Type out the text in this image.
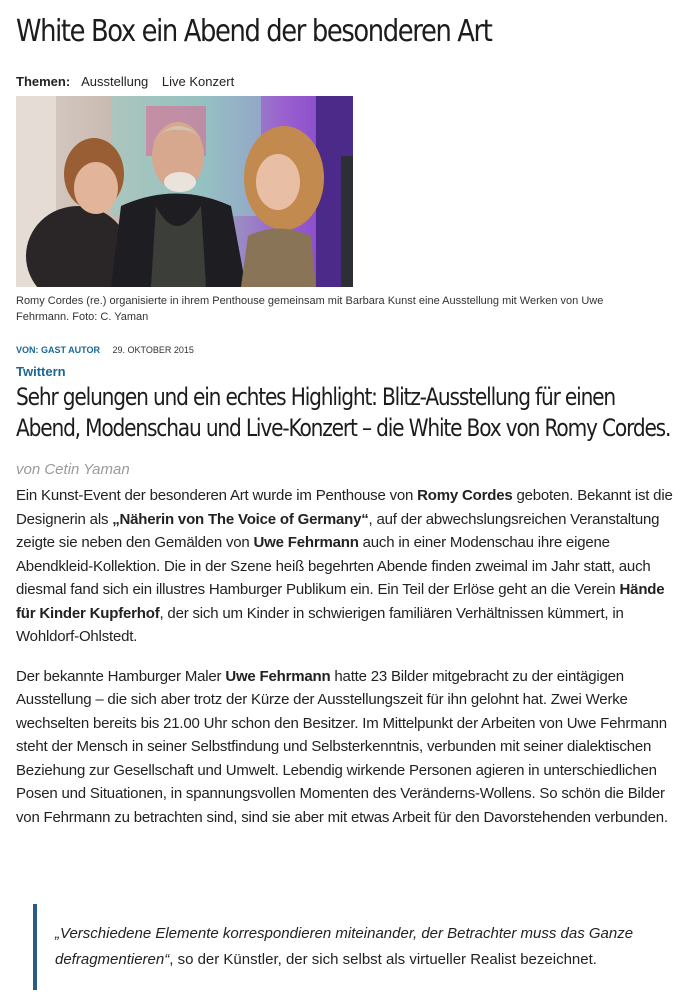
White Box ein Abend der besonderen Art
Themen: Ausstellung Live Konzert
Romy Cordes (re.) organisierte in ihrem Penthouse gemeinsam mit Barbara Kunst eine Ausstellung mit Werken von Uwe Fehrmann. Foto: C. Yaman
VON: GAST AUTOR 29. OKTOBER 2015
Twittern
Sehr gelungen und ein echtes Highlight: Blitz-Ausstellung für einen Abend, Modenschau und Live-Konzert – die White Box von Romy Cordes.
von Cetin Yaman

Ein Kunst-Event der besonderen Art wurde im Penthouse von Romy Cordes geboten. Bekannt ist die Designerin als „Näherin von The Voice of Germany“, auf der abwechslungsreichen Veranstaltung zeigte sie neben den Gemälden von Uwe Fehrmann auch in einer Modenschau ihre eigene Abendkleid-Kollektion. Die in der Szene heiß begehrten Abende finden zweimal im Jahr statt, auch diesmal fand sich ein illustres Hamburger Publikum ein. Ein Teil der Erlöse geht an die Verein Hände für Kinder Kupferhof, der sich um Kinder in schwierigen familiären Verhältnissen kümmert, in Wohldorf-Ohlstedt.

Der bekannte Hamburger Maler Uwe Fehrmann hatte 23 Bilder mitgebracht zu der eintägigen Ausstellung – die sich aber trotz der Kürze der Ausstellungszeit für ihn gelohnt hat. Zwei Werke wechselten bereits bis 21.00 Uhr schon den Besitzer. Im Mittelpunkt der Arbeiten von Uwe Fehrmann steht der Mensch in seiner Selbstfindung und Selbsterkenntnis, verbunden mit seiner dialektischen Beziehung zur Gesellschaft und Umwelt. Lebendig wirkende Personen agieren in unterschiedlichen Posen und Situationen, in spannungsvollen Momenten des Veränderns-Wollens. So schön die Bilder von Fehrmann zu betrachten sind, sind sie aber mit etwas Arbeit für den Davorstehenden verbunden.

„Verschiedene Elemente korrespondieren miteinander, der Betrachter muss das Ganze defragmentieren“, so der Künstler, der sich selbst als virtueller Realist bezeichnet.
